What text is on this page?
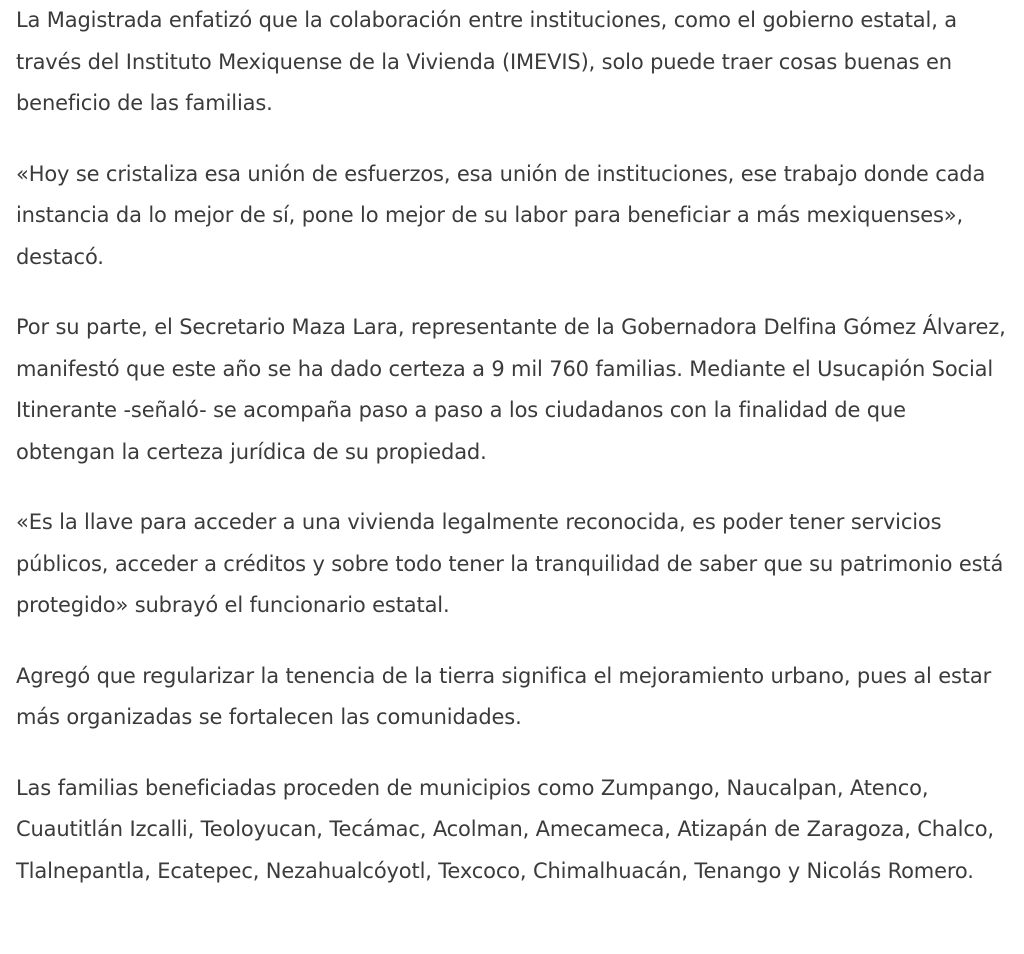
La Magistrada enfatizó que la colaboración entre instituciones, como el gobierno estatal, a través del Instituto Mexiquense de la Vivienda (IMEVIS), solo puede traer cosas buenas en beneficio de las familias.

«Hoy se cristaliza esa unión de esfuerzos, esa unión de instituciones, ese trabajo donde cada instancia da lo mejor de sí, pone lo mejor de su labor para beneficiar a más mexiquenses», destacó.

Por su parte, el Secretario Maza Lara, representante de la Gobernadora Delfina Gómez Álvarez, manifestó que este año se ha dado certeza a 9 mil 760 familias. Mediante el Usucapión Social Itinerante -señaló- se acompaña paso a paso a los ciudadanos con la finalidad de que obtengan la certeza jurídica de su propiedad.

«Es la llave para acceder a una vivienda legalmente reconocida, es poder tener servicios públicos, acceder a créditos y sobre todo tener la tranquilidad de saber que su patrimonio está protegido» subrayó el funcionario estatal.

Agregó que regularizar la tenencia de la tierra significa el mejoramiento urbano, pues al estar más organizadas se fortalecen las comunidades.

Las familias beneficiadas proceden de municipios como Zumpango, Naucalpan, Atenco, Cuautitlán Izcalli, Teoloyucan, Tecámac, Acolman, Amecameca, Atizapán de Zaragoza, Chalco, Tlalnepantla, Ecatepec, Nezahualcóyotl, Texcoco, Chimalhuacán, Tenango y Nicolás Romero.
